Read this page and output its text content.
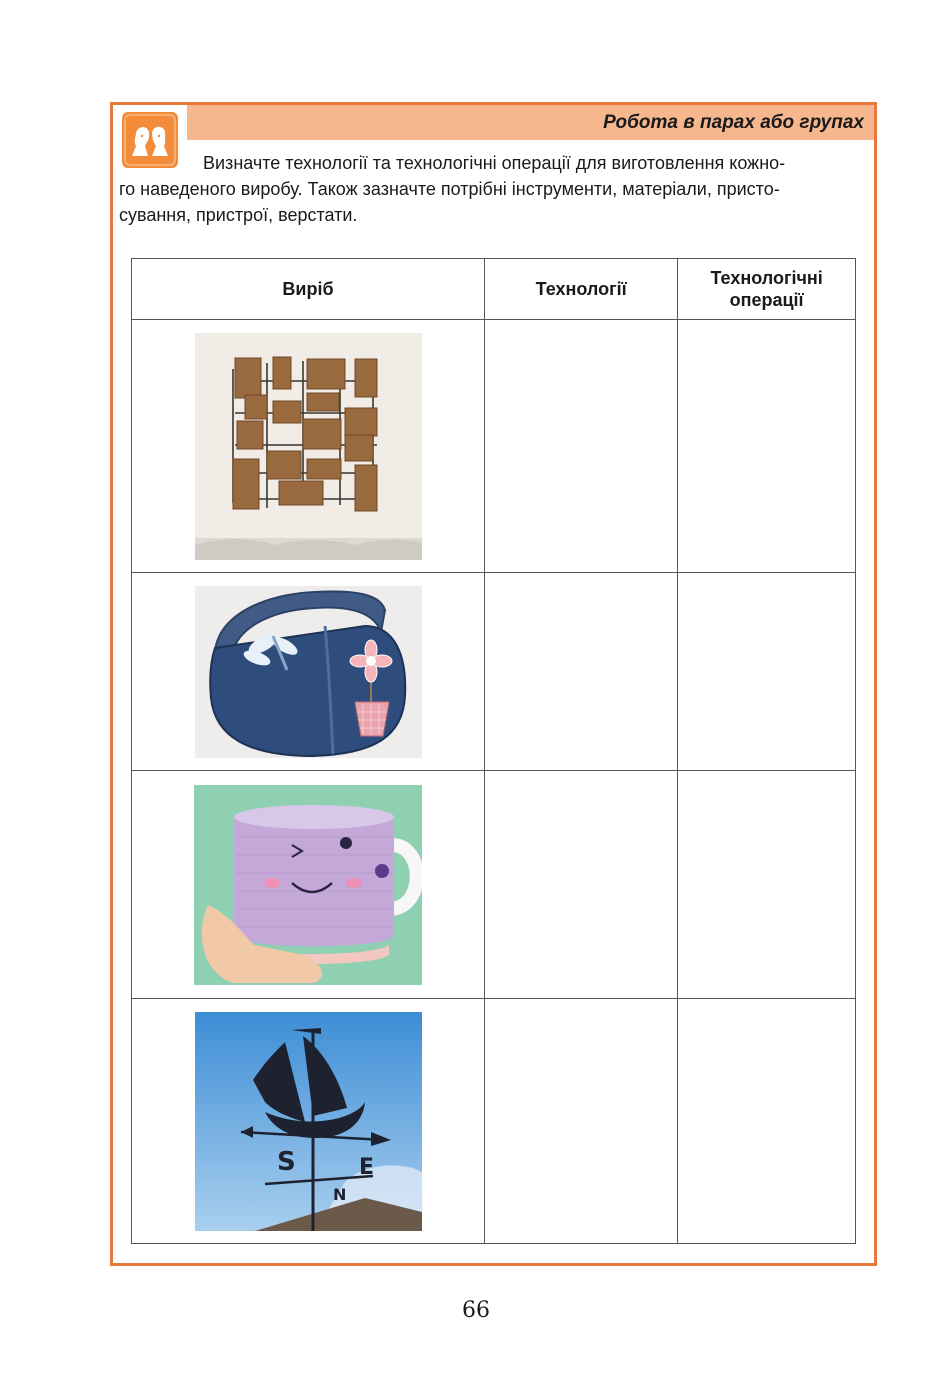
Робота в парах або групах
Визначте технології та технологічні операції для виготовлення кожно-
го наведеного виробу. Також зазначте потрібні інструменти, матеріали, присто-
сування, пристрої, верстати.
Виріб	Технології	Технологічні операції

S E
N		

66
